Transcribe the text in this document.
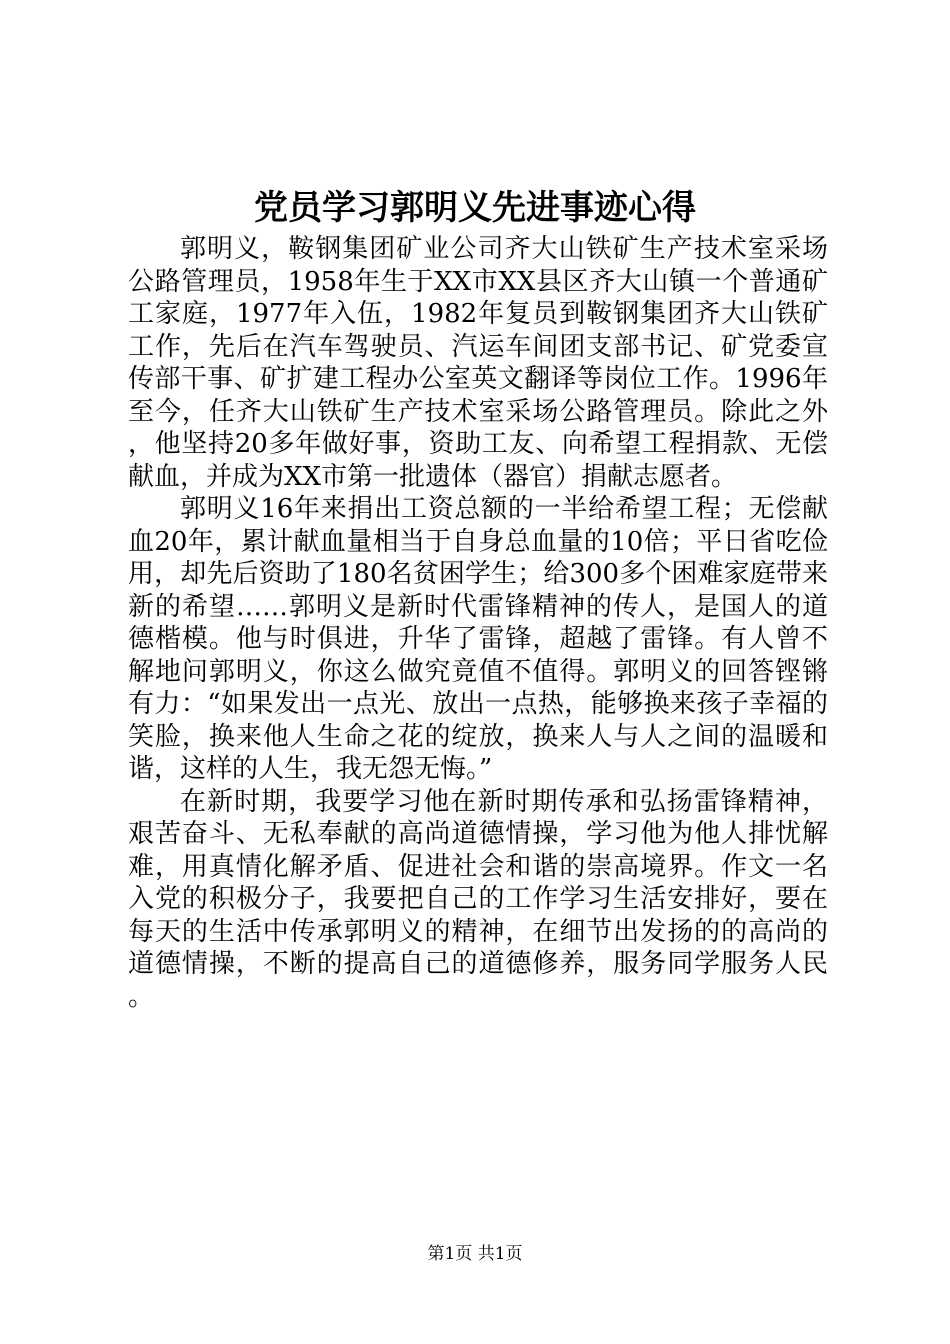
党员学习郭明义先进事迹心得

郭明义，鞍钢集团矿业公司齐大山铁矿生产技术室采场公路管理员，1958年生于XX市XX县区齐大山镇一个普通矿工家庭，1977年入伍，1982年复员到鞍钢集团齐大山铁矿工作，先后在汽车驾驶员、汽运车间团支部书记、矿党委宣传部干事、矿扩建工程办公室英文翻译等岗位工作。1996年至今，任齐大山铁矿生产技术室采场公路管理员。除此之外，他坚持20多年做好事，资助工友、向希望工程捐款、无偿献血，并成为XX市第一批遗体（器官）捐献志愿者。

郭明义16年来捐出工资总额的一半给希望工程；无偿献血20年，累计献血量相当于自身总血量的10倍；平日省吃俭用，却先后资助了180名贫困学生；给300多个困难家庭带来新的希望……郭明义是新时代雷锋精神的传人，是国人的道德楷模。他与时俱进，升华了雷锋，超越了雷锋。有人曾不解地问郭明义，你这么做究竟值不值得。郭明义的回答铿锵有力：“如果发出一点光、放出一点热，能够换来孩子幸福的笑脸，换来他人生命之花的绽放，换来人与人之间的温暖和谐，这样的人生，我无怨无悔。”

在新时期，我要学习他在新时期传承和弘扬雷锋精神，艰苦奋斗、无私奉献的高尚道德情操，学习他为他人排忧解难，用真情化解矛盾、促进社会和谐的崇高境界。作文一名入党的积极分子，我要把自己的工作学习生活安排好，要在每天的生活中传承郭明义的精神，在细节出发扬的的高尚的道德情操，不断的提高自己的道德修养，服务同学服务人民。

第1页 共1页
